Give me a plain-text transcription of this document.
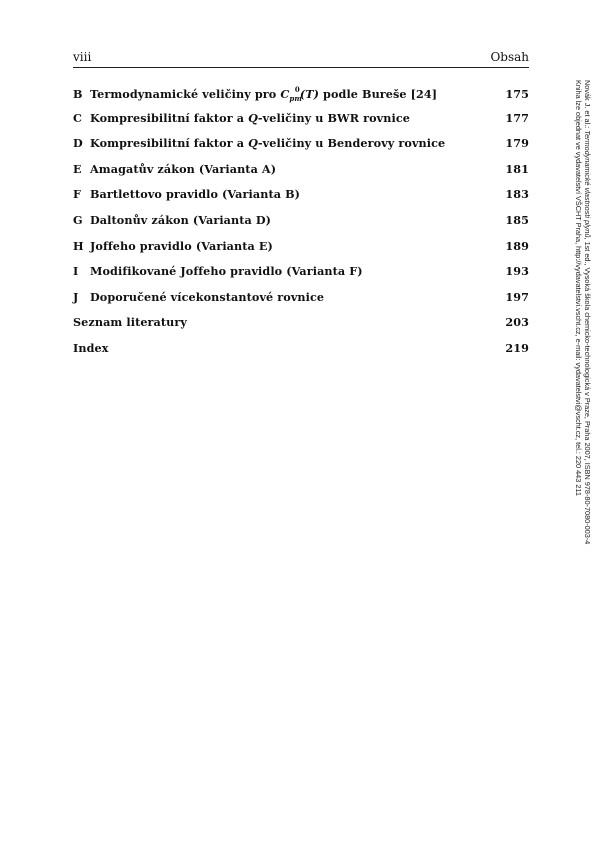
viii	Obsah
B Termodynamické veličiny pro $C_{pm}^0(T)$ podle Bureše [24]	175
C Kompresibilitní faktor a Q-veličiny u BWR rovnice	177
D Kompresibilitní faktor a Q-veličiny u Benderovy rovnice	179
E Amagatův zákon (Varianta A)	181
F Bartlettovo pravidlo (Varianta B)	183
G Daltonův zákon (Varianta D)	185
H Joffeho pravidlo (Varianta E)	189
I	Modifikované Joffeho pravidlo (Varianta F)	193
J	Doporučené vícekonstantové rovnice	197
Seznam literatury	203
Index	219
Novák J. et al.: Termodynamické vlastnosti plynů, 1st ed., Vysoká škola chemicko-technologická v Praze, Praha 2007, ISBN 978-80-7080-003-4
Kniha lze objednat ve vydavatelství VŠCHT Praha, http://vydavatelstvi.vscht.cz, e-mail: vydavatelstvi@vscht.cz, tel.: 220 443 211
